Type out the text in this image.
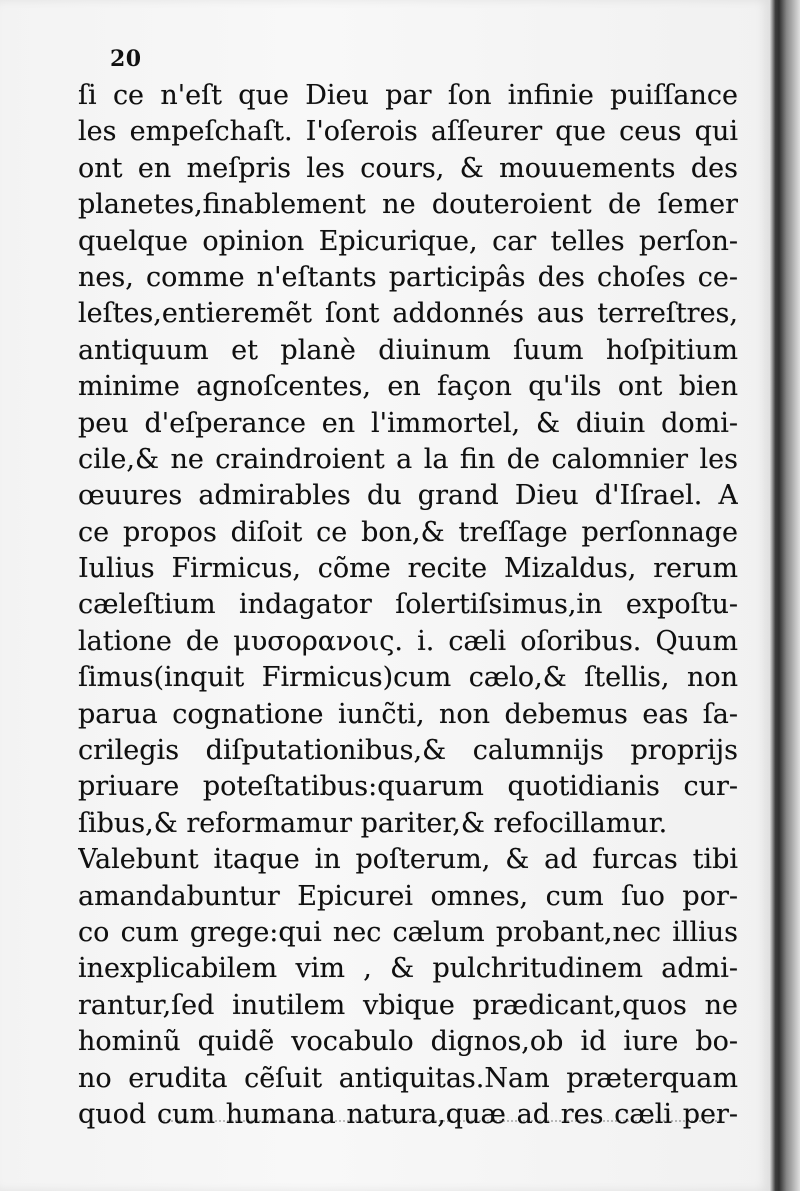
20
ſi ce n'eſt que Dieu par ſon infinie puiſſance
les empeſchaſt. I'oſerois aſſeurer que ceus qui
ont en meſpris les cours, & mouuements des
planetes,finablement ne douteroient de ſemer
quelque opinion Epicurique, car telles perſon-
nes, comme n'eſtants participâs des choſes ce-
leſtes,entieremẽt ſont addonnés aus terreſtres,
antiquum et planè diuinum ſuum hoſpitium
minime agnoſcentes, en façon qu'ils ont bien
peu d'eſperance en l'immortel, & diuin domi-
cile,& ne craindroient a la fin de calomnier les
œuures admirables du grand Dieu d'Iſrael. A
ce propos diſoit ce bon,& treſſage perſonnage
Iulius Firmicus, cõme recite Mizaldus, rerum
cæleſtium indagator ſolertiſsimus,in expoſtu-
latione de μυσoρανοις. i. cæli oſoribus. Quum
ſimus(inquit Firmicus)cum cælo,& ſtellis, non
parua cognatione iunc̃ti, non debemus eas ſa-
crilegis diſputationibus,& calumnijs proprijs
priuare poteſtatibus:quarum quotidianis cur-
ſibus,& reformamur pariter,& refocillamur.
Valebunt itaque in poſterum, & ad furcas tibi
amandabuntur Epicurei omnes, cum ſuo por-
co cum grege:qui nec cælum probant,nec illius
inexplicabilem vim , & pulchritudinem admi-
rantur,ſed inutilem vbique prædicant,quos ne
hominũ quidẽ vocabulo dignos,ob id iure bo-
no erudita cẽſuit antiquitas.Nam præterquam
quod cum humana natura,quæ ad res cæli per-
